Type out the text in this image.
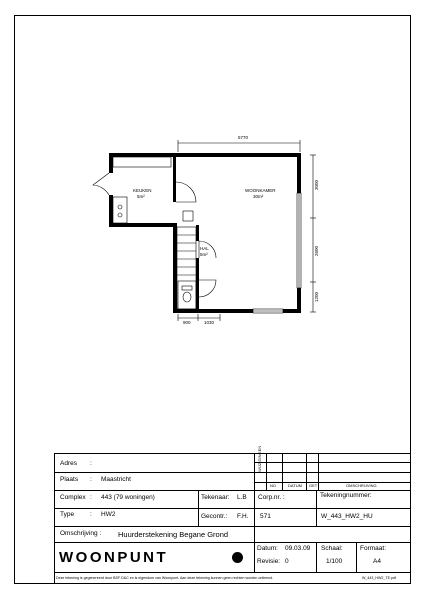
5770
3000
2600
1200
900	1030
KEUKEN
5m²
WOONKAMER
30m²
HAL
5m²
Adres :
Plaats : Maastricht
WIJZIGINGEN
NO	DATUM GET	OMSCHRIJVING
Complex : 443 (79 woningen)
Type : HW2
Tekenaar: L.B
Gecontr.: F.H.
Corp.nr. :
571
Tekeningnummer:
W_443_HW2_HU
Omschrijving : Huurderstekening Begane Grond
WOONPUNT
Datum: 09.03.09
Revisie: 0
Schaal:
1/100
Formaat:
A4
Deze tekening is gegenereerd door BSF D&C en is eigendom van Woonpunt. Aan deze tekening kunnen geen rechten worden ontleend.	W_443_HW2_TE.pdf
